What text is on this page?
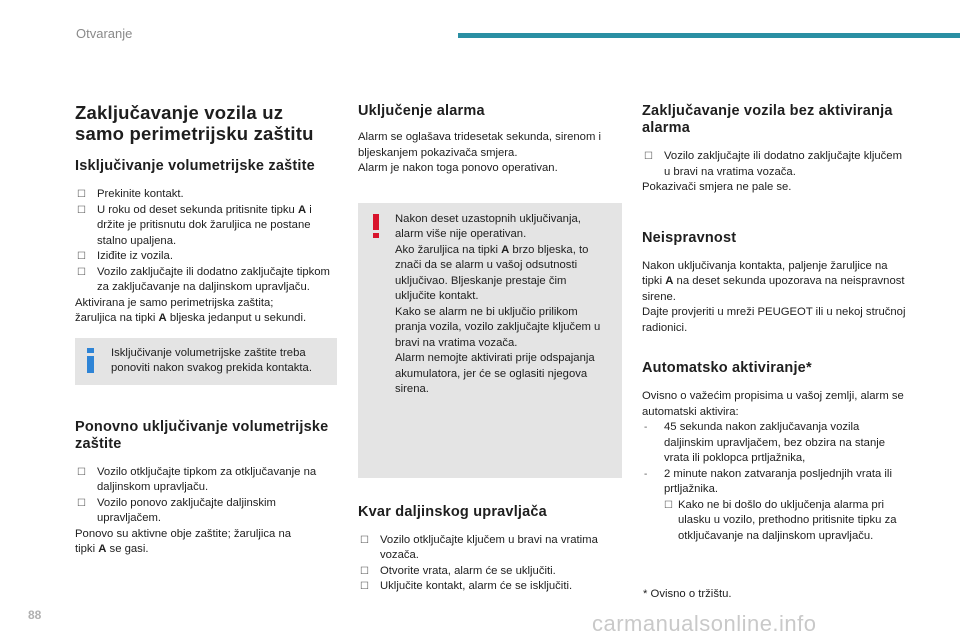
Otvaranje
Zaključavanje vozila uz samo perimetrijsku zaštitu
Isključivanje volumetrijske zaštite
☐ Prekinite kontakt.
☐ U roku od deset sekunda pritisnite tipku A i držite je pritisnutu dok žaruljica ne postane stalno upaljena.
☐ Iziđite iz vozila.
☐ Vozilo zaključajte ili dodatno zaključajte tipkom za zaključavanje na daljinskom upravljaču.

Aktivirana je samo perimetrijska zaštita;

žaruljica na tipki A bljeska jedanput u sekundi.

Isključivanje volumetrijske zaštite treba ponoviti nakon svakog prekida kontakta.

Ponovno uključivanje volumetrijske zaštite
☐ Vozilo otključajte tipkom za otključavanje na daljinskom upravljaču.
☐ Vozilo ponovo zaključajte daljinskim upravljačem.

Ponovo su aktivne obje zaštite; žaruljica na

tipki A se gasi.

Uključenje alarma

Alarm se oglašava tridesetak sekunda, sirenom i bljeskanjem pokazivača smjera.

Alarm je nakon toga ponovo operativan.

Nakon deset uzastopnih uključivanja, alarm više nije operativan.

Ako žaruljica na tipki A brzo bljeska, to znači da se alarm u vašoj odsutnosti uključivao. Bljeskanje prestaje čim uključite kontakt.

Kako se alarm ne bi uključio prilikom pranja vozila, vozilo zaključajte ključem u bravi na vratima vozača.

Alarm nemojte aktivirati prije odspajanja akumulatora, jer će se oglasiti njegova sirena.

Kvar daljinskog upravljača
☐ Vozilo otključajte ključem u bravi na vratima vozača.
☐ Otvorite vrata, alarm će se uključiti.
☐ Uključite kontakt, alarm će se isključiti.
Zaključavanje vozila bez aktiviranja alarma
☐ Vozilo zaključajte ili dodatno zaključajte ključem u bravi na vratima vozača.

Pokazivači smjera ne pale se.

Neispravnost

Nakon uključivanja kontakta, paljenje žaruljice na tipki A na deset sekunda upozorava na neispravnost sirene.

Dajte provjeriti u mreži PEUGEOT ili u nekoj stručnoj radionici.

Automatsko aktiviranje*

Ovisno o važećim propisima u vašoj zemlji, alarm se automatski aktivira:

- 45 sekunda nakon zaključavanja vozila daljinskim upravljačem, bez obzira na stanje vrata ili poklopca prtljažnika,
- 2 minute nakon zatvaranja posljednjih vrata ili prtljažnika.
☐ Kako ne bi došlo do uključenja alarma pri ulasku u vozilo, prethodno pritisnite tipku za otključavanje na daljinskom upravljaču.
* Ovisno o tržištu.
88	carmanualsonline.info
